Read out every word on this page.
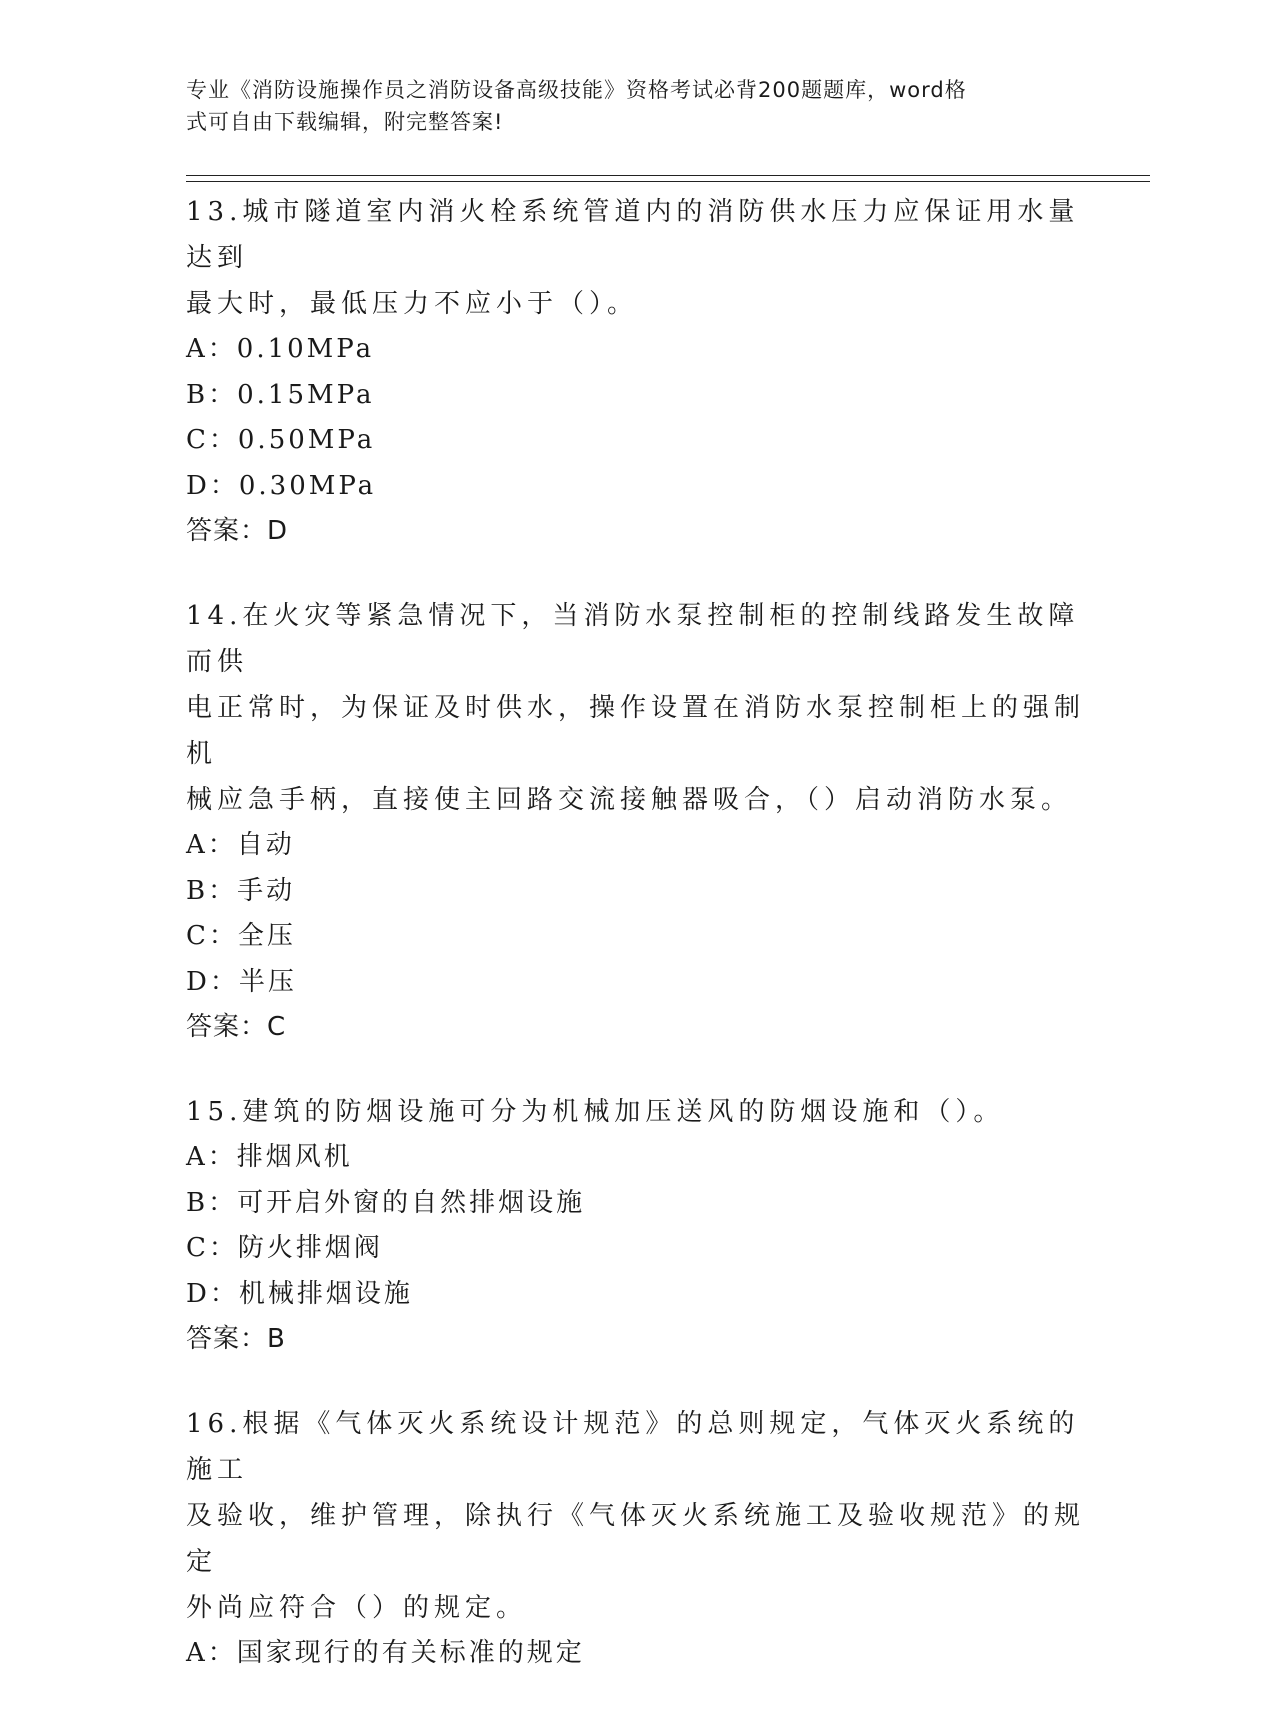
专业《消防设施操作员之消防设备高级技能》资格考试必背200题题库，word格
式可自由下载编辑，附完整答案!

13.城市隧道室内消火栓系统管道内的消防供水压力应保证用水量达到

最大时，最低压力不应小于（）。

A：0.10MPa

B：0.15MPa

C：0.50MPa

D：0.30MPa

答案：D

14.在火灾等紧急情况下，当消防水泵控制柜的控制线路发生故障而供

电正常时，为保证及时供水，操作设置在消防水泵控制柜上的强制机

械应急手柄，直接使主回路交流接触器吸合，（）启动消防水泵。

A：自动

B：手动

C：全压

D：半压

答案：C

15.建筑的防烟设施可分为机械加压送风的防烟设施和（）。

A：排烟风机

B：可开启外窗的自然排烟设施

C：防火排烟阀

D：机械排烟设施

答案：B

16.根据《气体灭火系统设计规范》的总则规定，气体灭火系统的施工

及验收，维护管理，除执行《气体灭火系统施工及验收规范》的规定

外尚应符合（）的规定。

A：国家现行的有关标准的规定
